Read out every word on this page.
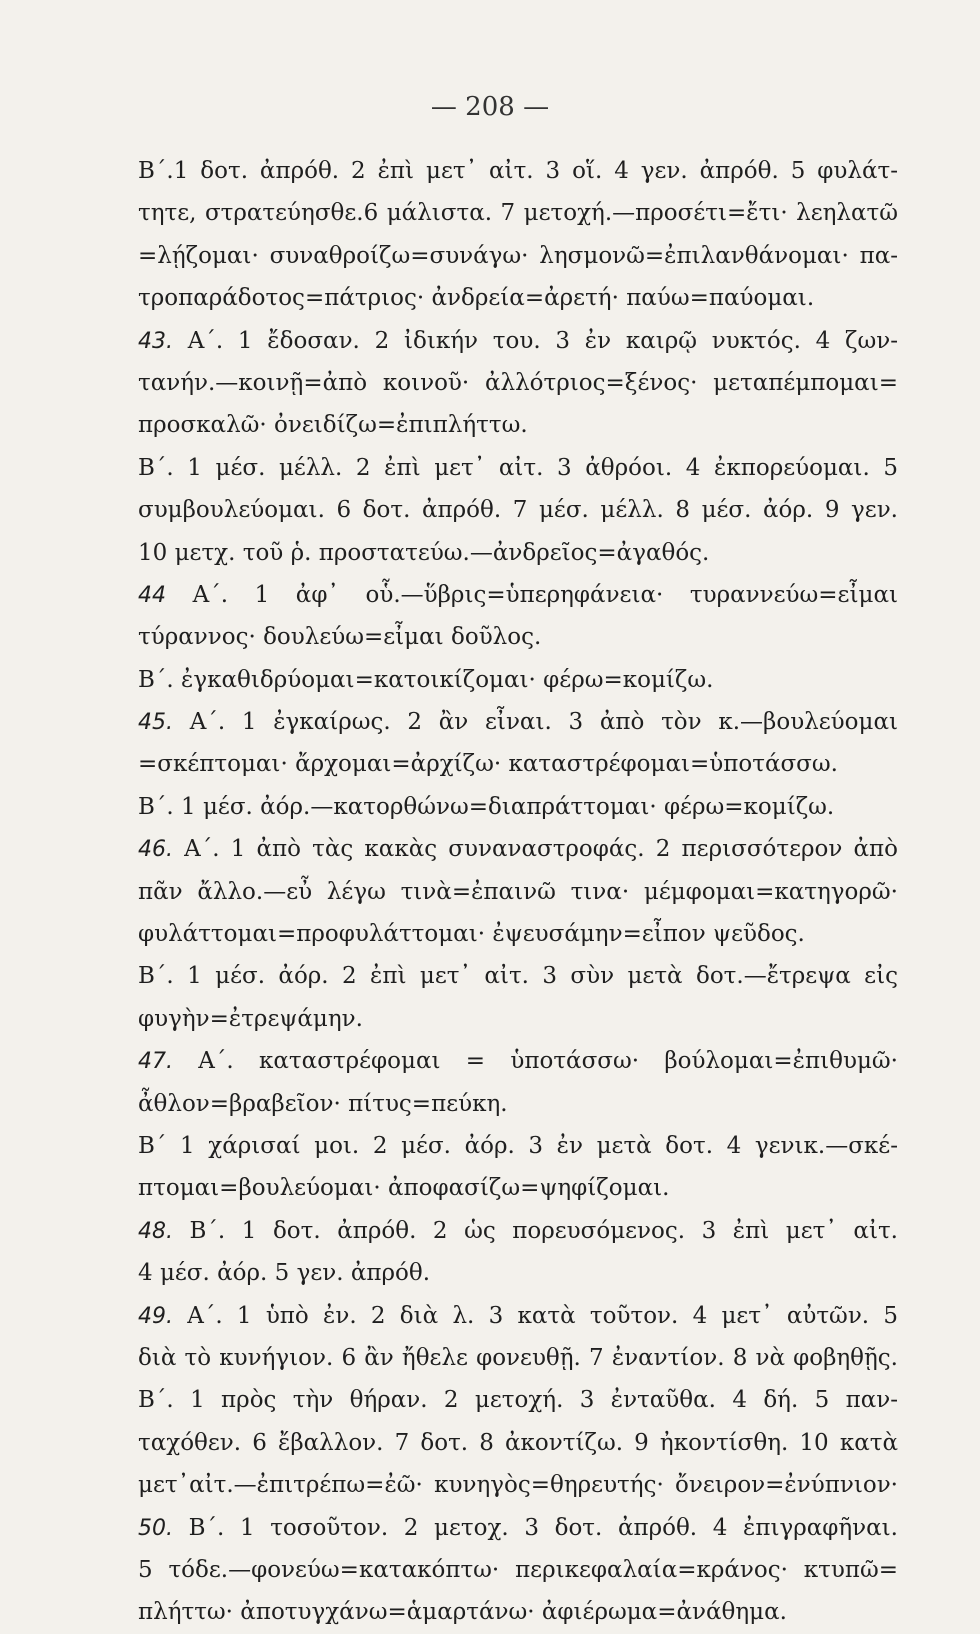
— 208 —
Β΄.1 δοτ. ἀπρόθ. 2 ἐπὶ μετ᾿ αἰτ. 3 οἵ. 4 γεν. ἀπρόθ. 5 φυλάτ-
τητε, στρατεύησθε.6 μάλιστα. 7 μετοχή.—προσέτι=ἔτι· λεηλατῶ
=λῄζομαι· συναθροίζω=συνάγω· λησμονῶ=ἐπιλανθάνομαι· πα-
τροπαράδοτος=πάτριος· ἀνδρεία=ἀρετή· παύω=παύομαι.
43. Α΄. 1 ἔδοσαν. 2 ἰδικήν του. 3 ἐν καιρῷ νυκτός. 4 ζων-
τανήν.—κοινῇ=ἀπὸ κοινοῦ· ἀλλότριος=ξένος· μεταπέμπομαι=
προσκαλῶ· ὀνειδίζω=ἐπιπλήττω.
Β΄. 1 μέσ. μέλλ. 2 ἐπὶ μετ᾿ αἰτ. 3 ἀθρόοι. 4 ἐκπορεύομαι. 5
συμβουλεύομαι. 6 δοτ. ἀπρόθ. 7 μέσ. μέλλ. 8 μέσ. ἀόρ. 9 γεν.
10 μετχ. τοῦ ῥ. προστατεύω.—ἀνδρεῖος=ἀγαθός.
44 Α΄. 1 ἀφ᾿ οὗ.—ὕβρις=ὑπερηφάνεια· τυραννεύω=εἶμαι
τύραννος· δουλεύω=εἶμαι δοῦλος.
Β΄. ἐγκαθιδρύομαι=κατοικίζομαι· φέρω=κομίζω.
45. Α΄. 1 ἐγκαίρως. 2 ἂν εἶναι. 3 ἀπὸ τὸν κ.—βουλεύομαι
=σκέπτομαι· ἄρχομαι=ἀρχίζω· καταστρέφομαι=ὑποτάσσω.
Β΄. 1 μέσ. ἀόρ.—κατορθώνω=διαπράττομαι· φέρω=κομίζω.
46. Α΄. 1 ἀπὸ τὰς κακὰς συναναστροφάς. 2 περισσότερον ἀπὸ
πᾶν ἄλλο.—εὖ λέγω τινὰ=ἐπαινῶ τινα· μέμφομαι=κατηγορῶ·
φυλάττομαι=προφυλάττομαι· ἐψευσάμην=εἶπον ψεῦδος.
Β΄. 1 μέσ. ἀόρ. 2 ἐπὶ μετ᾿ αἰτ. 3 σὺν μετὰ δοτ.—ἔτρεψα εἰς
φυγὴν=ἐτρεψάμην.
47. Α΄. καταστρέφομαι = ὑποτάσσω· βούλομαι=ἐπιθυμῶ·
ἆθλον=βραβεῖον· πίτυς=πεύκη.
Β΄ 1 χάρισαί μοι. 2 μέσ. ἀόρ. 3 ἐν μετὰ δοτ. 4 γενικ.—σκέ-
πτομαι=βουλεύομαι· ἀποφασίζω=ψηφίζομαι.
48. Β΄. 1 δοτ. ἀπρόθ. 2 ὡς πορευσόμενος. 3 ἐπὶ μετ᾿ αἰτ.
4 μέσ. ἀόρ. 5 γεν. ἀπρόθ.
49. Α΄. 1 ὑπὸ ἐν. 2 διὰ λ. 3 κατὰ τοῦτον. 4 μετ᾿ αὐτῶν. 5
διὰ τὸ κυνήγιον. 6 ἂν ἤθελε φονευθῇ. 7 ἐναντίον. 8 νὰ φοβηθῇς.
Β΄. 1 πρὸς τὴν θήραν. 2 μετοχή. 3 ἐνταῦθα. 4 δή. 5 παν-
ταχόθεν. 6 ἔβαλλον. 7 δοτ. 8 ἀκοντίζω. 9 ἠκοντίσθη. 10 κατὰ
μετ᾿αἰτ.—ἐπιτρέπω=ἐῶ· κυνηγὸς=θηρευτής· ὄνειρον=ἐνύπνιον·
50. Β΄. 1 τοσοῦτον. 2 μετοχ. 3 δοτ. ἀπρόθ. 4 ἐπιγραφῆναι.
5 τόδε.—φονεύω=κατακόπτω· περικεφαλαία=κράνος· κτυπῶ=
πλήττω· ἀποτυγχάνω=ἁμαρτάνω· ἀφιέρωμα=ἀνάθημα.
